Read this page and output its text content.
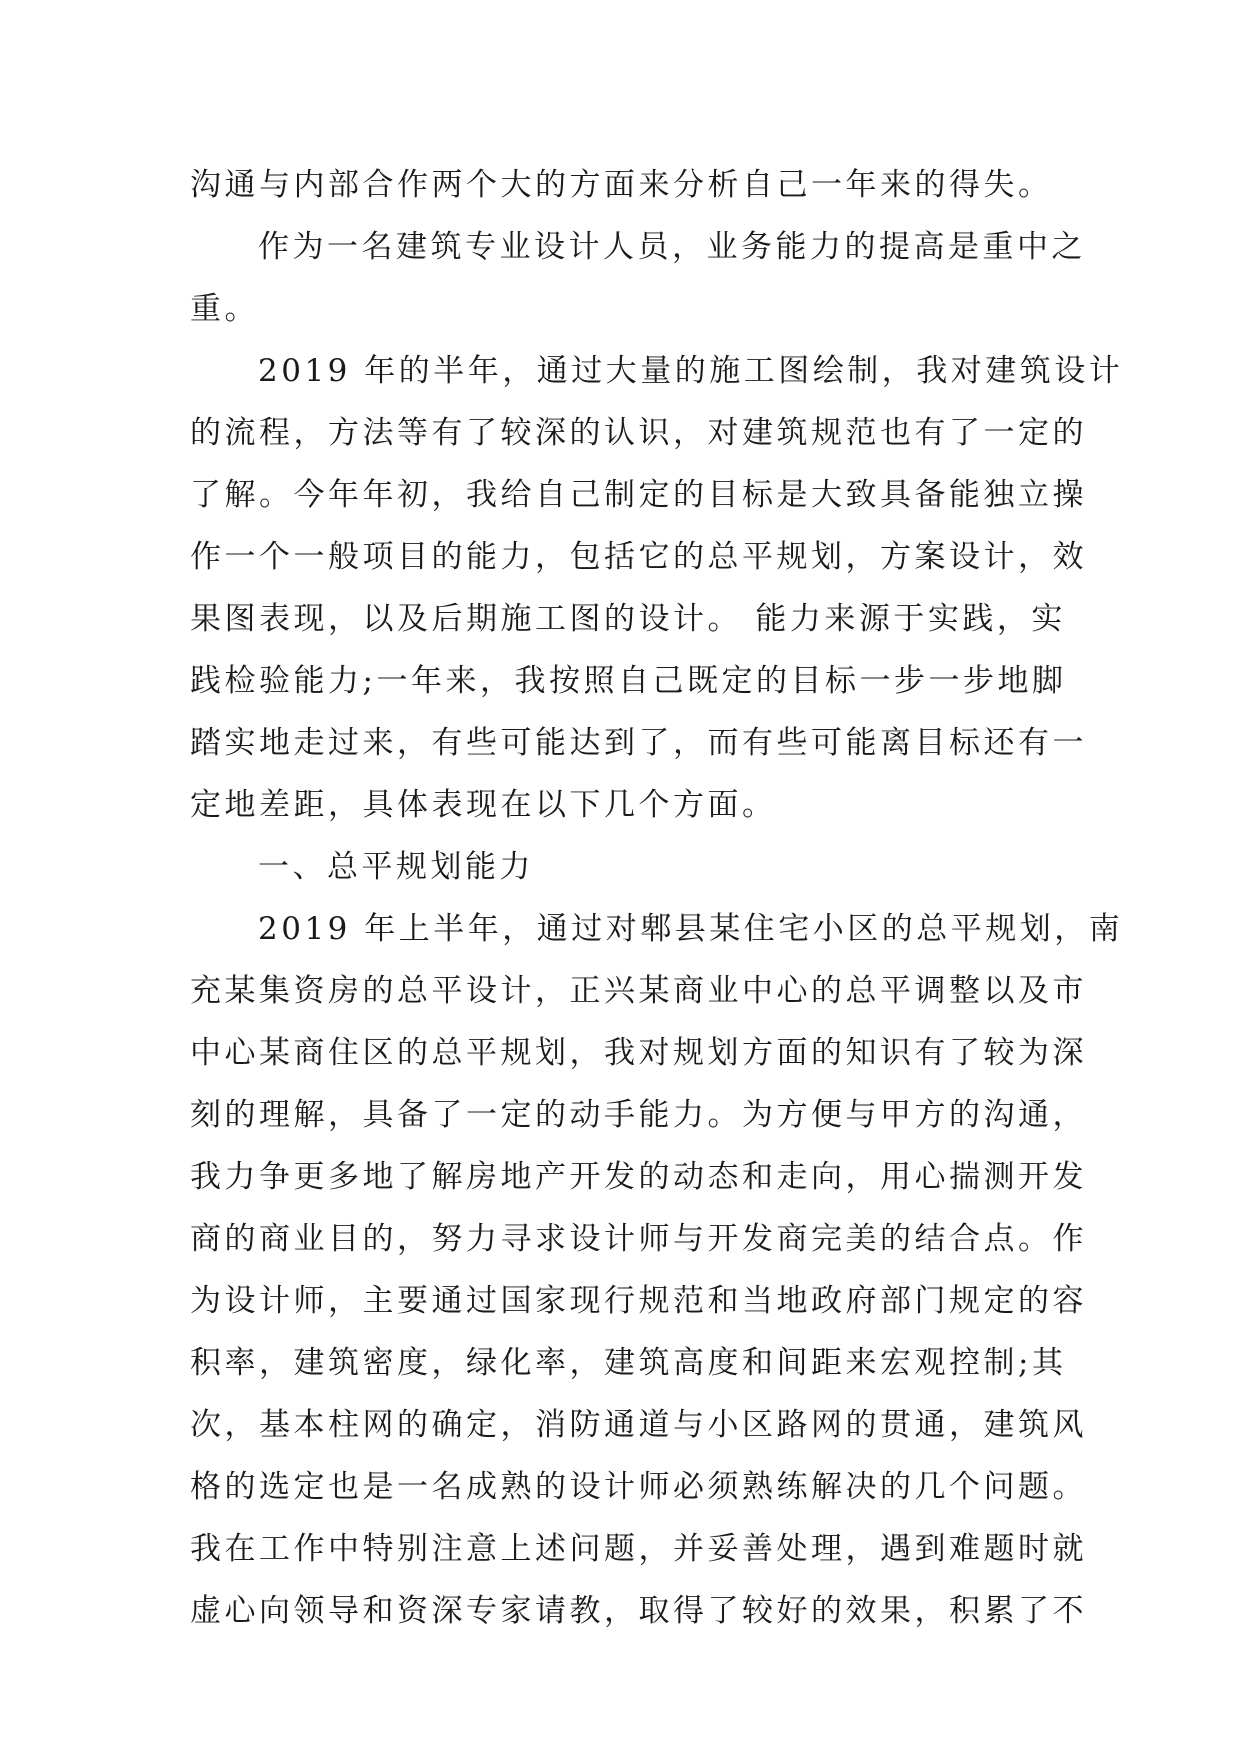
沟通与内部合作两个大的方面来分析自己一年来的得失。
作为一名建筑专业设计人员，业务能力的提高是重中之
重。
2019 年的半年，通过大量的施工图绘制，我对建筑设计
的流程，方法等有了较深的认识，对建筑规范也有了一定的
了解。今年年初，我给自己制定的目标是大致具备能独立操
作一个一般项目的能力，包括它的总平规划，方案设计，效
果图表现，以及后期施工图的设计。 能力来源于实践，实
践检验能力;一年来，我按照自己既定的目标一步一步地脚
踏实地走过来，有些可能达到了，而有些可能离目标还有一
定地差距，具体表现在以下几个方面。
一、总平规划能力
2019 年上半年，通过对郫县某住宅小区的总平规划，南
充某集资房的总平设计，正兴某商业中心的总平调整以及市
中心某商住区的总平规划，我对规划方面的知识有了较为深
刻的理解，具备了一定的动手能力。为方便与甲方的沟通，
我力争更多地了解房地产开发的动态和走向，用心揣测开发
商的商业目的，努力寻求设计师与开发商完美的结合点。作
为设计师，主要通过国家现行规范和当地政府部门规定的容
积率，建筑密度，绿化率，建筑高度和间距来宏观控制;其
次，基本柱网的确定，消防通道与小区路网的贯通，建筑风
格的选定也是一名成熟的设计师必须熟练解决的几个问题。
我在工作中特别注意上述问题，并妥善处理，遇到难题时就
虚心向领导和资深专家请教，取得了较好的效果，积累了不
